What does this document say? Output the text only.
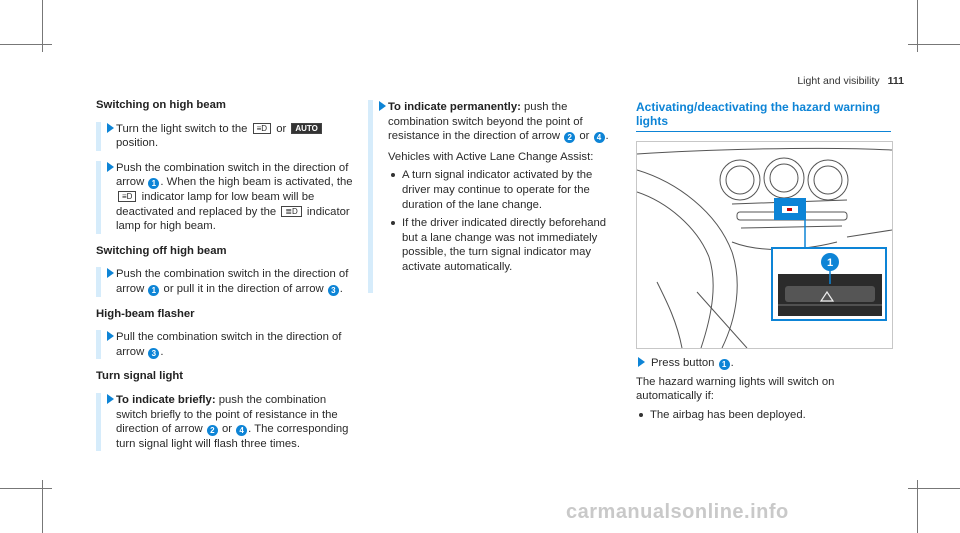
Light and visibility 111
Switching on high beam

Turn the light switch to the ≡D or AUTO
position.

Push the combination switch in the direction of arrow 1 . When the high beam is activated, the ≡D indicator lamp for low beam will be deactivated and replaced by the ≣D indicator lamp for high beam.

Switching off high beam

Push the combination switch in the direction of arrow 1 or pull it in the direction of arrow 3 .

High-beam flasher

Pull the combination switch in the direction of arrow 3 .

Turn signal light

To indicate briefly: push the combination switch briefly to the point of resistance in the direction of arrow 2 or 4 . The corresponding turn signal light will flash three times.

To indicate permanently: push the combination switch beyond the point of resistance in the direction of arrow 2 or 4 .

Vehicles with Active Lane Change Assist:

A turn signal indicator activated by the driver may continue to operate for the duration of the lane change.
If the driver indicated directly beforehand but a lane change was not immediately possible, the turn signal indicator may activate automatically.
Activating/deactivating the hazard warning lights
1

Press button 1 .

The hazard warning lights will switch on automatically if:

The airbag has been deployed.
carmanualsonline.info
